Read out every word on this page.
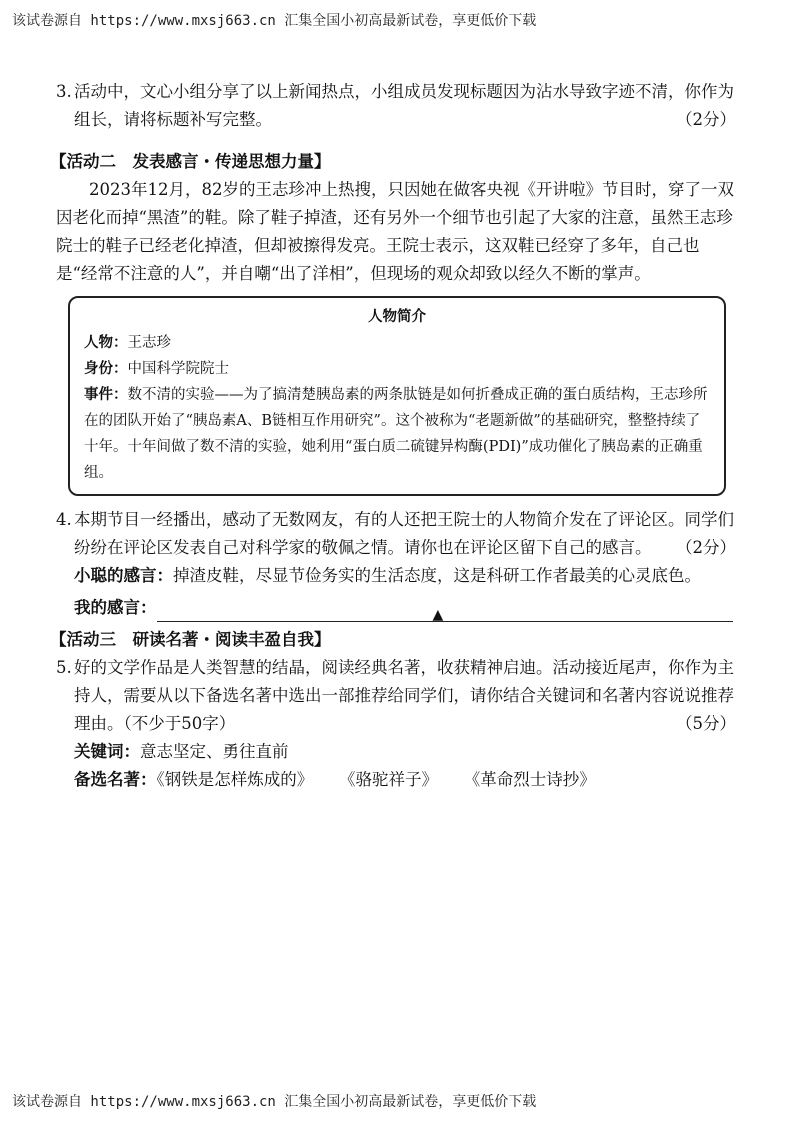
该试卷源自 https://www.mxsj663.cn 汇集全国小初高最新试卷，享更低价下载
3. 活动中，文心小组分享了以上新闻热点，小组成员发现标题因为沾水导致字迹不清，你作为组长，请将标题补写完整。	（2分）
【活动二　发表感言・传递思想力量】
2023年12月，82岁的王志珍冲上热搜，只因她在做客央视《开讲啦》节目时，穿了一双因老化而掉“黑渣”的鞋。除了鞋子掉渣，还有另外一个细节也引起了大家的注意，虽然王志珍院士的鞋子已经老化掉渣，但却被擦得发亮。王院士表示，这双鞋已经穿了多年，自己也是“经常不注意的人”，并自嘲“出了洋相”，但现场的观众却致以经久不断的掌声。
人物简介
人物：王志珍
身份：中国科学院院士
事件：数不清的实验——为了搞清楚胰岛素的两条肽链是如何折叠成正确的蛋白质结构，王志珍所在的团队开始了“胰岛素A、B链相互作用研究”。这个被称为“老题新做”的基础研究，整整持续了十年。十年间做了数不清的实验，她利用“蛋白质二硫键异构酶(PDI)”成功催化了胰岛素的正确重组。
4. 本期节目一经播出，感动了无数网友，有的人还把王院士的人物简介发在了评论区。同学们纷纷在评论区发表自己对科学家的敬佩之情。请你也在评论区留下自己的感言。 （2分）
小聪的感言：掉渣皮鞋，尽显节俭务实的生活态度，这是科研工作者最美的心灵底色。
我的感言：	▲
【活动三　研读名著・阅读丰盈自我】
5. 好的文学作品是人类智慧的结晶，阅读经典名著，收获精神启迪。活动接近尾声，你作为主持人，需要从以下备选名著中选出一部推荐给同学们，请你结合关键词和名著内容说说推荐理由。（不少于50字）	（5分）
关键词：意志坚定、勇往直前
备选名著：《钢铁是怎样炼成的》 《骆驼祥子》 《革命烈士诗抄》
该试卷源自 https://www.mxsj663.cn 汇集全国小初高最新试卷，享更低价下载
